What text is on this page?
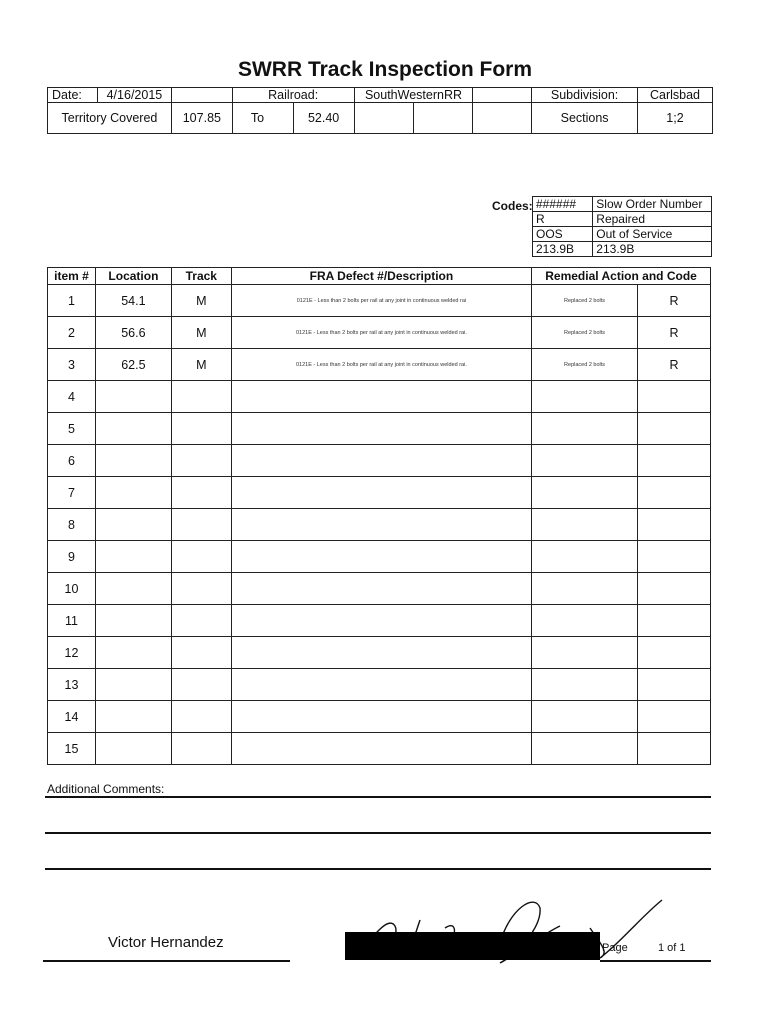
SWRR Track Inspection Form
Date:	4/16/2015		Railroad:		SouthWesternRR			Subdivision:	Carlsbad
Territory Covered		107.85	To	52.40				Sections	1;2
Codes: ######	Slow Order Number
R	Repaired
OOS	Out of Service
213.9B	213.9B
item #	Location	Track	FRA Defect #/Description	Remedial Action and Code	
1	54.1	M	0121E - Less than 2 bolts per rail at any joint in continuous welded rai	Replaced 2 bolts	R
2	56.6	M	0121E - Less than 2 bolts per rail at any joint in continuous welded rai.	Replaced 2 bolts	R
3	62.5	M	0121E - Less than 2 bolts per rail at any joint in continuous welded rai.	Replaced 2 bolts	R
4					
5					
6					
7					
8					
9					
10					
11					
12					
13					
14					
15					
Additional Comments:
Victor Hernandez	Page	1 of 1
